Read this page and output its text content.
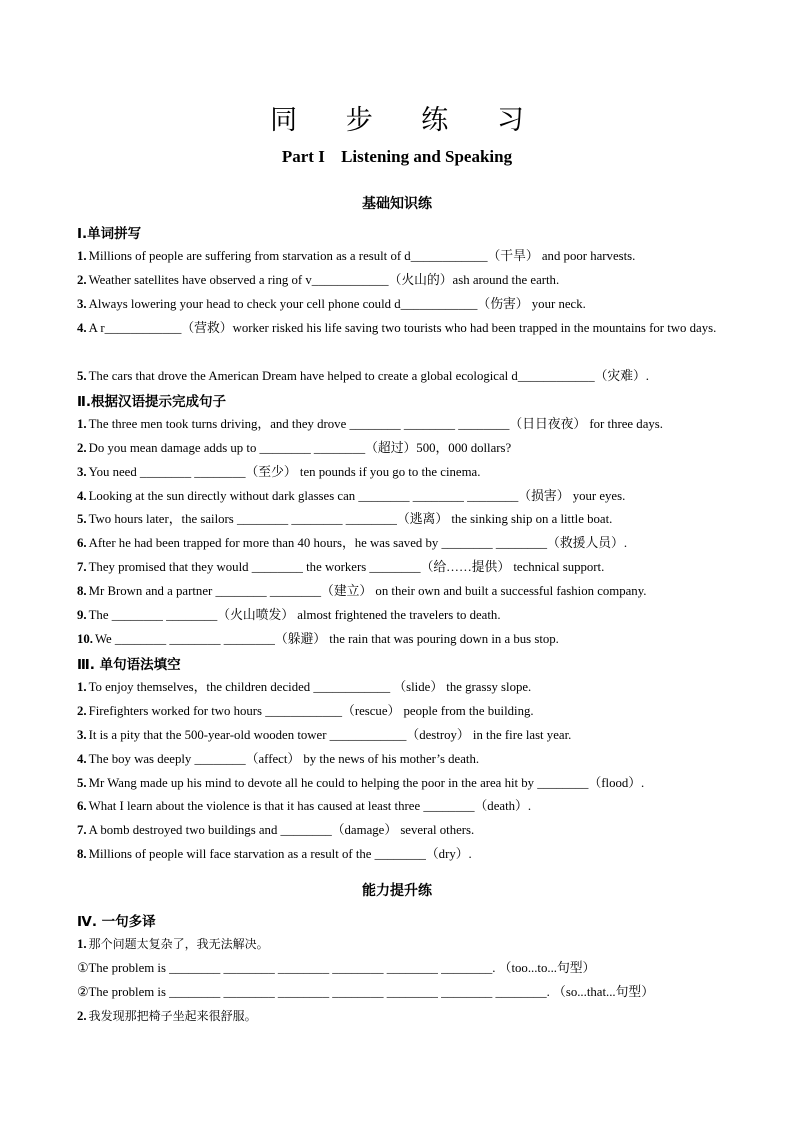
同 步 练 习
Part I Listening and Speaking
基础知识练
Ⅰ.单词拼写
1. Millions of people are suffering from starvation as a result of d____________（干旱） and poor harvests.
2. Weather satellites have observed a ring of v____________（火山的）ash around the earth.
3. Always lowering your head to check your cell phone could d____________（伤害） your neck.
4. A r____________（营救）worker risked his life saving two tourists who had been trapped in the mountains for two days.
5. The cars that drove the American Dream have helped to create a global ecological d____________（灾难）.
Ⅱ.根据汉语提示完成句子
1. The three men took turns driving，and they drove ________ ________ ________（日日夜夜） for three days.
2. Do you mean damage adds up to ________ ________（超过）500，000 dollars?
3. You need ________ ________（至少） ten pounds if you go to the cinema.
4. Looking at the sun directly without dark glasses can ________ ________ ________（损害） your eyes.
5. Two hours later，the sailors ________ ________ ________（逃离） the sinking ship on a little boat.
6. After he had been trapped for more than 40 hours，he was saved by ________ ________（救援人员）.
7. They promised that they would ________ the workers ________（给……提供） technical support.
8. Mr Brown and a partner ________ ________（建立） on their own and built a successful fashion company.
9. The ________ ________（火山喷发） almost frightened the travelers to death.
10. We ________ ________ ________（躲避） the rain that was pouring down in a bus stop.
Ⅲ. 单句语法填空
1. To enjoy themselves，the children decided ____________ （slide） the grassy slope.
2. Firefighters worked for two hours ____________（rescue） people from the building.
3. It is a pity that the 500-year-old wooden tower ____________（destroy） in the fire last year.
4. The boy was deeply ________（affect） by the news of his mother’s death.
5. Mr Wang made up his mind to devote all he could to helping the poor in the area hit by ________（flood）.
6. What I learn about the violence is that it has caused at least three ________（death）.
7. A bomb destroyed two buildings and ________（damage） several others.
8. Millions of people will face starvation as a result of the ________（dry）.
能力提升练
Ⅳ. 一句多译
1. 那个问题太复杂了，我无法解决。
①The problem is ________ ________ ________ ________ ________ ________. （too...to...句型）
②The problem is ________ ________ ________ ________ ________ ________ ________. （so...that...句型）
2. 我发现那把椅子坐起来很舒服。
